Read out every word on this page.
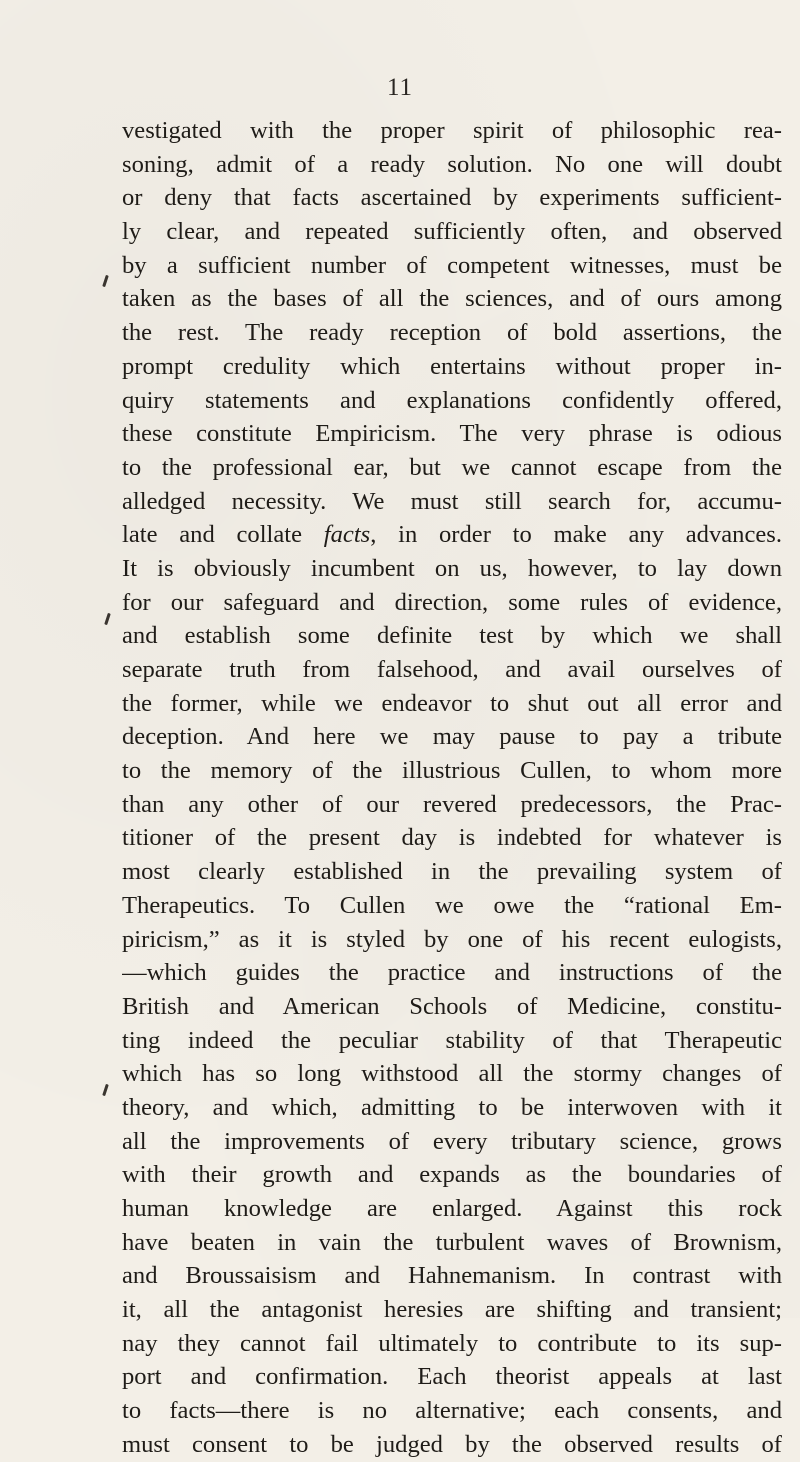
11
vestigated with the proper spirit of philosophic rea-
soning, admit of a ready solution. No one will doubt
or deny that facts ascertained by experiments sufficient-
ly clear, and repeated sufficiently often, and observed
by a sufficient number of competent witnesses, must be
taken as the bases of all the sciences, and of ours among
the rest. The ready reception of bold assertions, the
prompt credulity which entertains without proper in-
quiry statements and explanations confidently offered,
these constitute Empiricism. The very phrase is odious
to the professional ear, but we cannot escape from the
alledged necessity. We must still search for, accumu-
late and collate facts, in order to make any advances.
It is obviously incumbent on us, however, to lay down
for our safeguard and direction, some rules of evidence,
and establish some definite test by which we shall
separate truth from falsehood, and avail ourselves of
the former, while we endeavor to shut out all error and
deception. And here we may pause to pay a tribute
to the memory of the illustrious Cullen, to whom more
than any other of our revered predecessors, the Prac-
titioner of the present day is indebted for whatever is
most clearly established in the prevailing system of
Therapeutics. To Cullen we owe the “rational Em-
piricism,” as it is styled by one of his recent eulogists,
—which guides the practice and instructions of the
British and American Schools of Medicine, constitu-
ting indeed the peculiar stability of that Therapeutic
which has so long withstood all the stormy changes of
theory, and which, admitting to be interwoven with it
all the improvements of every tributary science, grows
with their growth and expands as the boundaries of
human knowledge are enlarged. Against this rock
have beaten in vain the turbulent waves of Brownism,
and Broussaisism and Hahnemanism. In contrast with
it, all the antagonist heresies are shifting and transient;
nay they cannot fail ultimately to contribute to its sup-
port and confirmation. Each theorist appeals at last
to facts—there is no alternative; each consents, and
must consent to be judged by the observed results of
